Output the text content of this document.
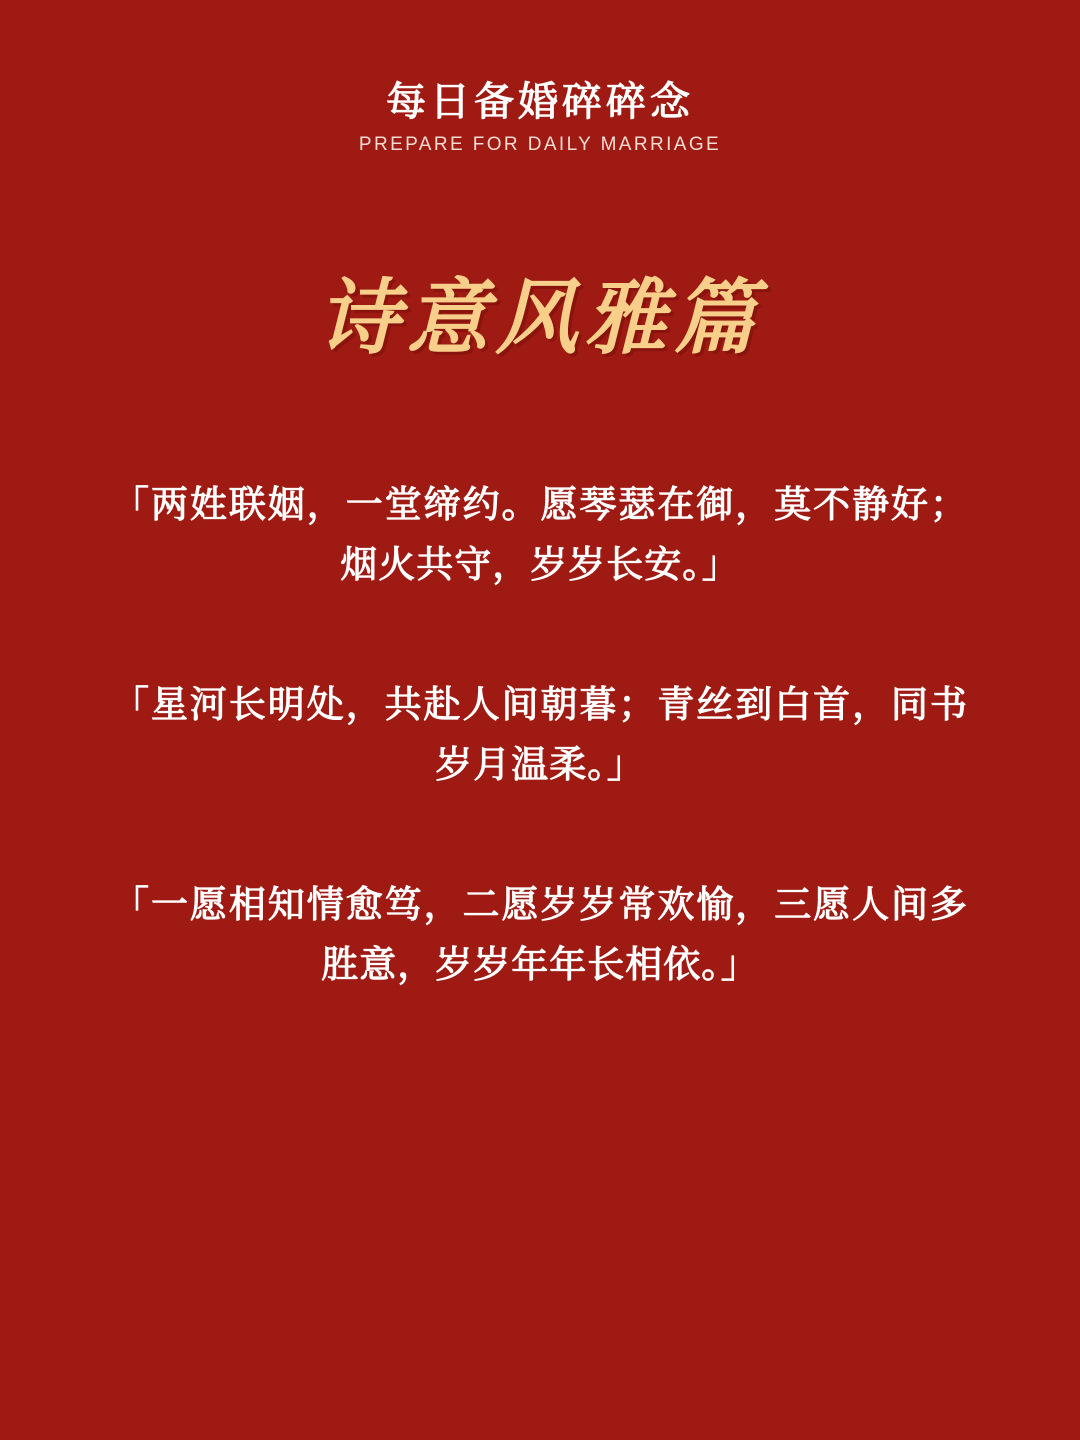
每日备婚碎碎念
PREPARE FOR DAILY MARRIAGE
诗意风雅篇
「两姓联姻，一堂缔约。愿琴瑟在御，莫不静好；烟火共守，岁岁长安。」
「星河长明处，共赴人间朝暮；青丝到白首，同书岁月温柔。」
「一愿相知情愈笃，二愿岁岁常欢愉，三愿人间多胜意，岁岁年年长相依。」
